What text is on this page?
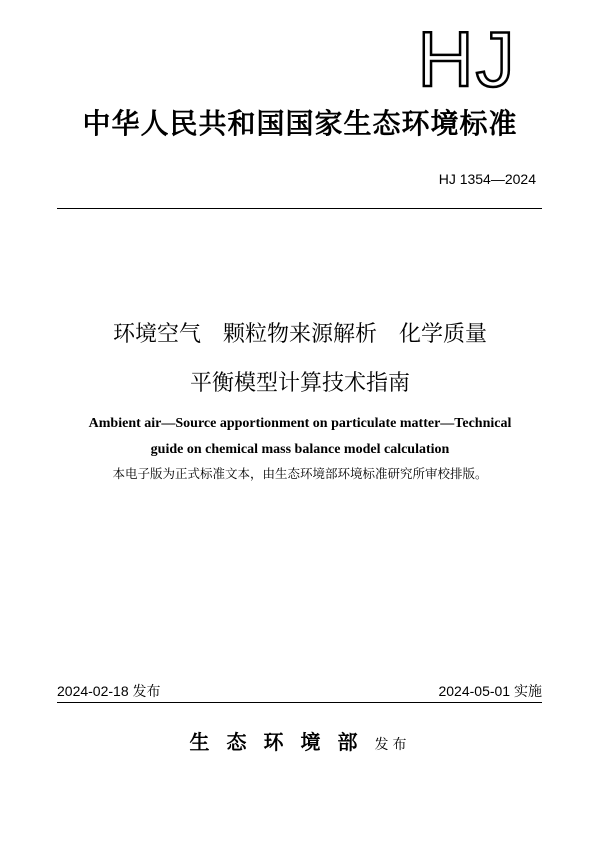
HJ
中华人民共和国国家生态环境标准
HJ 1354—2024
环境空气　颗粒物来源解析　化学质量
平衡模型计算技术指南
Ambient air—Source apportionment on particulate matter—Technical
guide on chemical mass balance model calculation
本电子版为正式标准文本，由生态环境部环境标准研究所审校排版。
2024-02-18 发布	2024-05-01 实施
生态环境部发布
